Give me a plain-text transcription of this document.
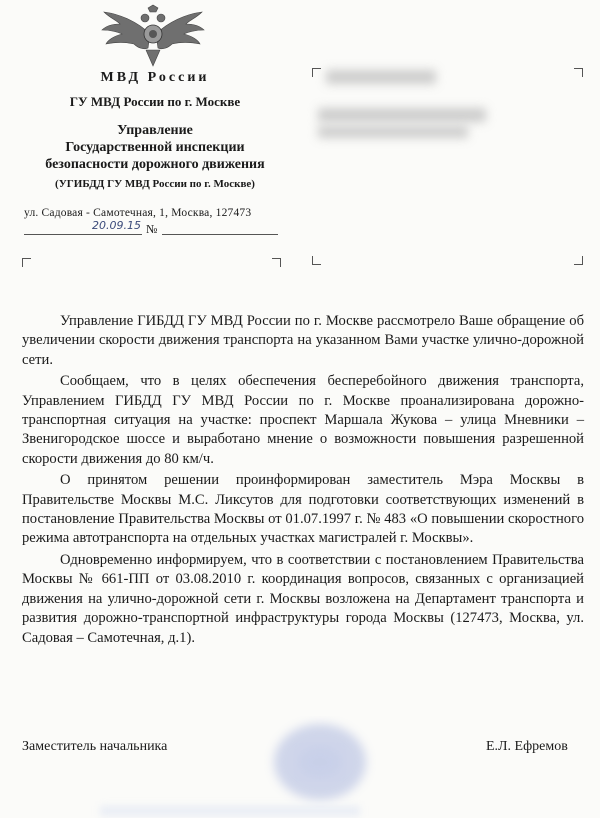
МВД России
ГУ МВД России по г. Москве
Управление
Государственной инспекции
безопасности дорожного движения
(УГИБДД ГУ МВД России по г. Москве)
ул. Садовая - Самотечная, 1, Москва, 127473
20.09.15 №

Управление ГИБДД ГУ МВД России по г. Москве рассмотрело Ваше обращение об увеличении скорости движения транспорта на указанном Вами участке улично-дорожной сети.

Сообщаем, что в целях обеспечения бесперебойного движения транспорта, Управлением ГИБДД ГУ МВД России по г. Москве проанализирована дорожно-транспортная ситуация на участке: проспект Маршала Жукова – улица Мневники – Звенигородское шоссе и выработано мнение о возможности повышения разрешенной скорости движения до 80 км/ч.

О принятом решении проинформирован заместитель Мэра Москвы в Правительстве Москвы М.С. Ликсутов для подготовки соответствующих изменений в постановление Правительства Москвы от 01.07.1997 г. № 483 «О повышении скоростного режима автотранспорта на отдельных участках магистралей г. Москвы».

Одновременно информируем, что в соответствии с постановлением Правительства Москвы № 661-ПП от 03.08.2010 г. координация вопросов, связанных с организацией движения на улично-дорожной сети г. Москвы возложена на Департамент транспорта и развития дорожно-транспортной инфраструктуры города Москвы (127473, Москва, ул. Садовая – Самотечная, д.1).

Заместитель начальника	Е.Л. Ефремов
